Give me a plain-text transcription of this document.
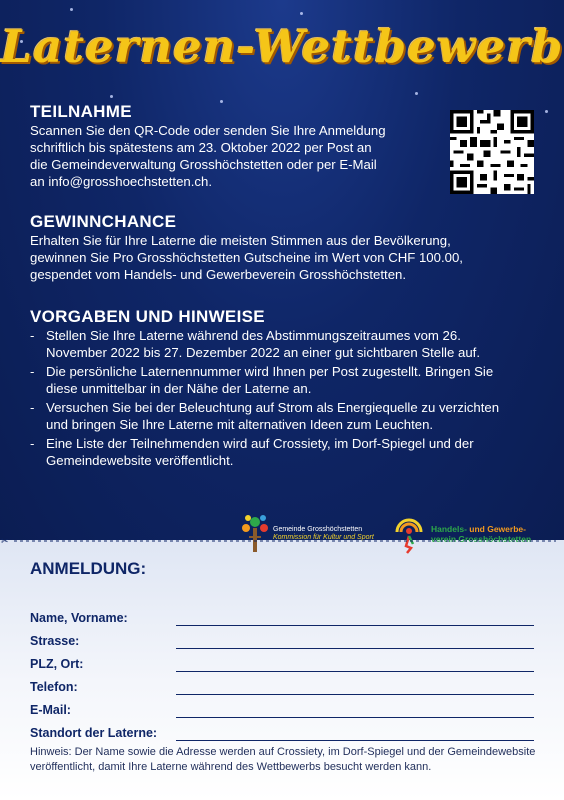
Laternen-Wettbewerb
TEILNAHME

Scannen Sie den QR-Code oder senden Sie Ihre Anmeldung

schriftlich bis spätestens am 23. Oktober 2022 per Post an

die Gemeindeverwaltung Grosshöchstetten oder per E-Mail

an info@grosshoechstetten.ch.

GEWINNCHANCE

Erhalten Sie für Ihre Laterne die meisten Stimmen aus der Bevölkerung,

gewinnen Sie Pro Grosshöchstetten Gutscheine im Wert von CHF 100.00,

gespendet vom Handels- und Gewerbeverein Grosshöchstetten.

VORGABEN UND HINWEISE
- Stellen Sie Ihre Laterne während des Abstimmungszeitraumes vom 26. November 2022 bis 27. Dezember 2022 an einer gut sichtbaren Stelle auf.
- Die persönliche Laternennummer wird Ihnen per Post zugestellt. Bringen Sie diese unmittelbar in der Nähe der Laterne an.
- Versuchen Sie bei der Beleuchtung auf Strom als Energiequelle zu verzichten und bringen Sie Ihre Laterne mit alternativen Ideen zum Leuchten.
- Eine Liste der Teilnehmenden wird auf Crossiety, im Dorf-Spiegel und der Gemeindewebsite veröffentlicht.
Gemeinde Grosshöchstetten
Kommission für Kultur und Sport
Handels- und Gewerbe-
verein Grosshöchstetten
✂
ANMELDUNG:
Name, Vorname:
Strasse:
PLZ, Ort:
Telefon:
E-Mail:
Standort der Laterne:
Hinweis: Der Name sowie die Adresse werden auf Crossiety, im Dorf-Spiegel und der Gemeindewebsite veröffentlicht, damit Ihre Laterne während des Wettbewerbs besucht werden kann.
